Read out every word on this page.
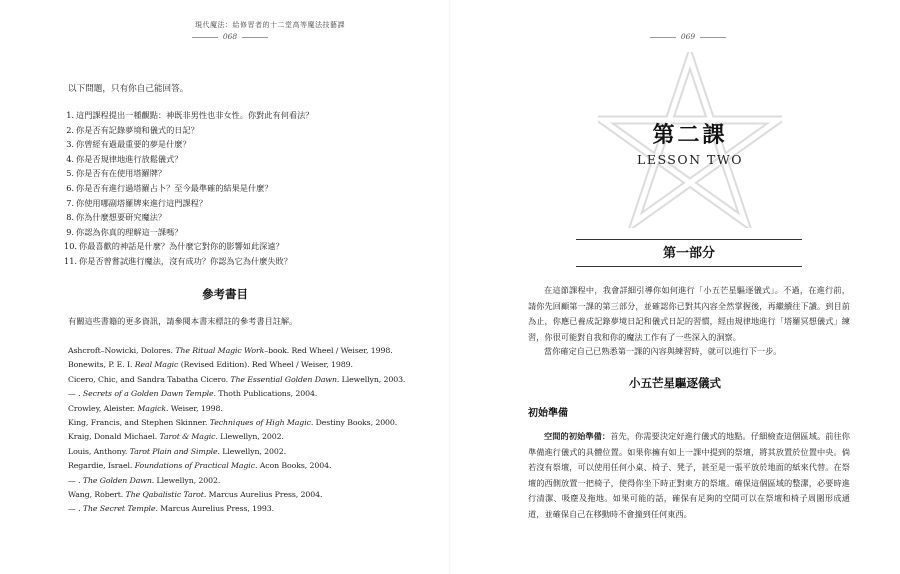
現代魔法：給修習者的十二堂高等魔法技藝課
068
以下問題，只有你自己能回答。
1. 這門課程提出一種觀點：神既非男性也非女性。你對此有何看法？
2. 你是否有記錄夢境和儀式的日記？
3. 你曾經有過最重要的夢是什麼？
4. 你是否規律地進行放鬆儀式？
5. 你是否有在使用塔羅牌？
6. 你是否有進行過塔羅占卜？至今最準確的結果是什麼？
7. 你使用哪副塔羅牌來進行這門課程？
8. 你為什麼想要研究魔法？
9. 你認為你真的理解這一課嗎？
10. 你最喜歡的神話是什麼？為什麼它對你的影響如此深遠？
11. 你是否曾嘗試進行魔法，沒有成功？你認為它為什麼失敗？
參考書目
有關這些書籍的更多資訊，請參閱本書末標註的參考書目註解。
Ashcroft–Nowicki, Dolores. The Ritual Magic Work–book. Red Wheel / Weiser, 1998.
Bonewits, P. E. I. Real Magic (Revised Edition). Red Wheel / Weiser, 1989.
Cicero, Chic, and Sandra Tabatha Cicero. The Essential Golden Dawn. Llewellyn, 2003.
— . Secrets of a Golden Dawn Temple. Thoth Publications, 2004.
Crowley, Aleister. Magick. Weiser, 1998.
King, Francis, and Stephen Skinner. Techniques of High Magic. Destiny Books, 2000.
Kraig, Donald Michael. Tarot & Magic. Llewellyn, 2002.
Louis, Anthony. Tarot Plain and Simple. Llewellyn, 2002.
Regardie, Israel. Foundations of Practical Magic. Acon Books, 2004.
— . The Golden Dawn. Llewellyn, 2002.
Wang, Robert. The Qabalistic Tarot. Marcus Aurelius Press, 2004.
— . The Secret Temple. Marcus Aurelius Press, 1993.
069
第二課
LESSON TWO
第一部分

在這節課程中，我會詳細引導你如何進行「小五芒星驅逐儀式」。不過，在進行前，請你先回顧第一課的第三部分，並確認你已對其內容全然掌握後，再繼續往下讀。到目前為止，你應已養成記錄夢境日記和儀式日記的習慣，經由規律地進行「塔羅冥想儀式」練習，你很可能對自我和你的魔法工作有了一些深入的洞察。

當你確定自己已熟悉第一課的內容與練習時，就可以進行下一步。

小五芒星驅逐儀式
初始準備

空間的初始準備：首先，你需要決定好進行儀式的地點。仔細檢查這個區域。前往你準備進行儀式的具體位置。如果你擁有如上一課中提到的祭壇，將其放置於位置中央。倘若沒有祭壇，可以使用任何小桌、椅子、凳子，甚至是一張平放於地面的紙來代替。在祭壇的西側放置一把椅子，使得你坐下時正對東方的祭壇。確保這個區域的整潔，必要時進行清潔、吸塵及拖地。如果可能的話，確保有足夠的空間可以在祭壇和椅子周圍形成通道，並確保自己在移動時不會撞到任何東西。
